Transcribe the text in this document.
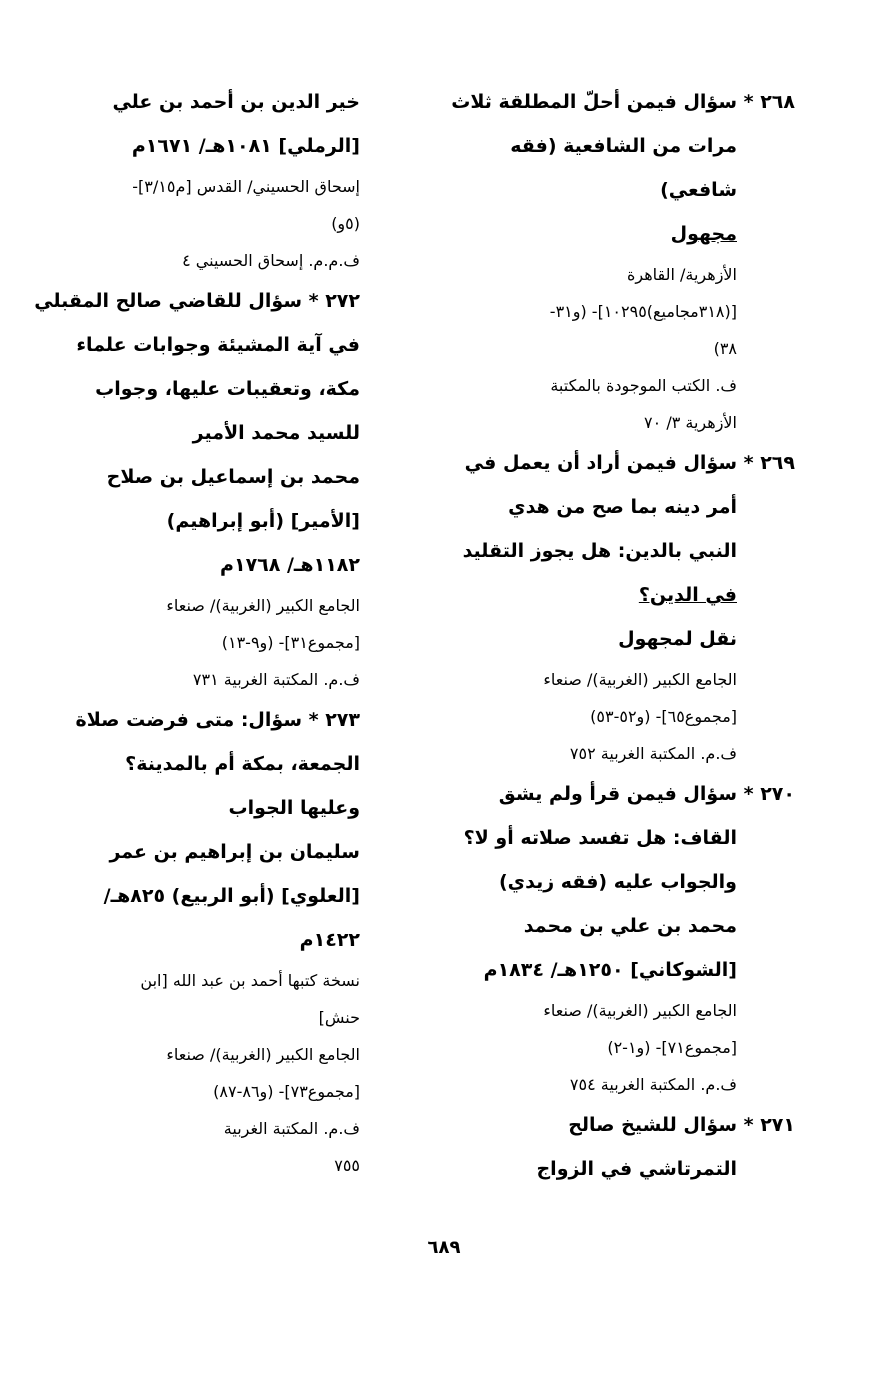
٢٦٨ * سؤال فيمن أحلّ المطلقة ثلاث
مرات من الشافعية (فقه
شافعي)
مجهول
الأزهرية/ القاهرة
[(٣١٨مجاميع)١٠٢٩٥]- (و٣١-
٣٨)
ف. الكتب الموجودة بالمكتبة
الأزهرية ٣/ ٧٠
٢٦٩ * سؤال فيمن أراد أن يعمل في
أمر دينه بما صح من هدي
النبي بالدين: هل يجوز التقليد
في الدين؟
نقل لمجهول
الجامع الكبير (الغربية)/ صنعاء
[مجموع٦٥]- (و٥٢-٥٣)
ف.م. المكتبة الغربية ٧٥٢
٢٧٠ * سؤال فيمن قرأ ولم يشق
القاف: هل تفسد صلاته أو لا؟
والجواب عليه (فقه زيدي)
محمد بن علي بن محمد
[الشوكاني] ١٢٥٠هـ/ ١٨٣٤م
الجامع الكبير (الغربية)/ صنعاء
[مجموع٧١]- (و١-٢)
ف.م. المكتبة الغربية ٧٥٤
٢٧١ * سؤال للشيخ صالح
التمرتاشي في الزواج
خير الدين بن أحمد بن علي
[الرملي] ١٠٨١هـ/ ١٦٧١م
إسحاق الحسيني/ القدس [م٣/١٥]-
(٥و)
ف.م.م. إسحاق الحسيني ٤
٢٧٢ * سؤال للقاضي صالح المقبلي
في آية المشيئة وجوابات علماء
مكة، وتعقيبات عليها، وجواب
للسيد محمد الأمير
محمد بن إسماعيل بن صلاح
[الأمير] (أبو إبراهيم)
١١٨٢هـ/ ١٧٦٨م
الجامع الكبير (الغربية)/ صنعاء
[مجموع٣١]- (و٩-١٣)
ف.م. المكتبة الغربية ٧٣١
٢٧٣ * سؤال: متى فرضت صلاة
الجمعة، بمكة أم بالمدينة؟
وعليها الجواب
سليمان بن إبراهيم بن عمر
[العلوي] (أبو الربيع) ٨٢٥هـ/
١٤٢٢م
نسخة كتبها أحمد بن عبد الله [ابن
حنش]
الجامع الكبير (الغربية)/ صنعاء
[مجموع٧٣]- (و٨٦-٨٧)
ف.م. المكتبة الغربية
٧٥٥
٦٨٩
